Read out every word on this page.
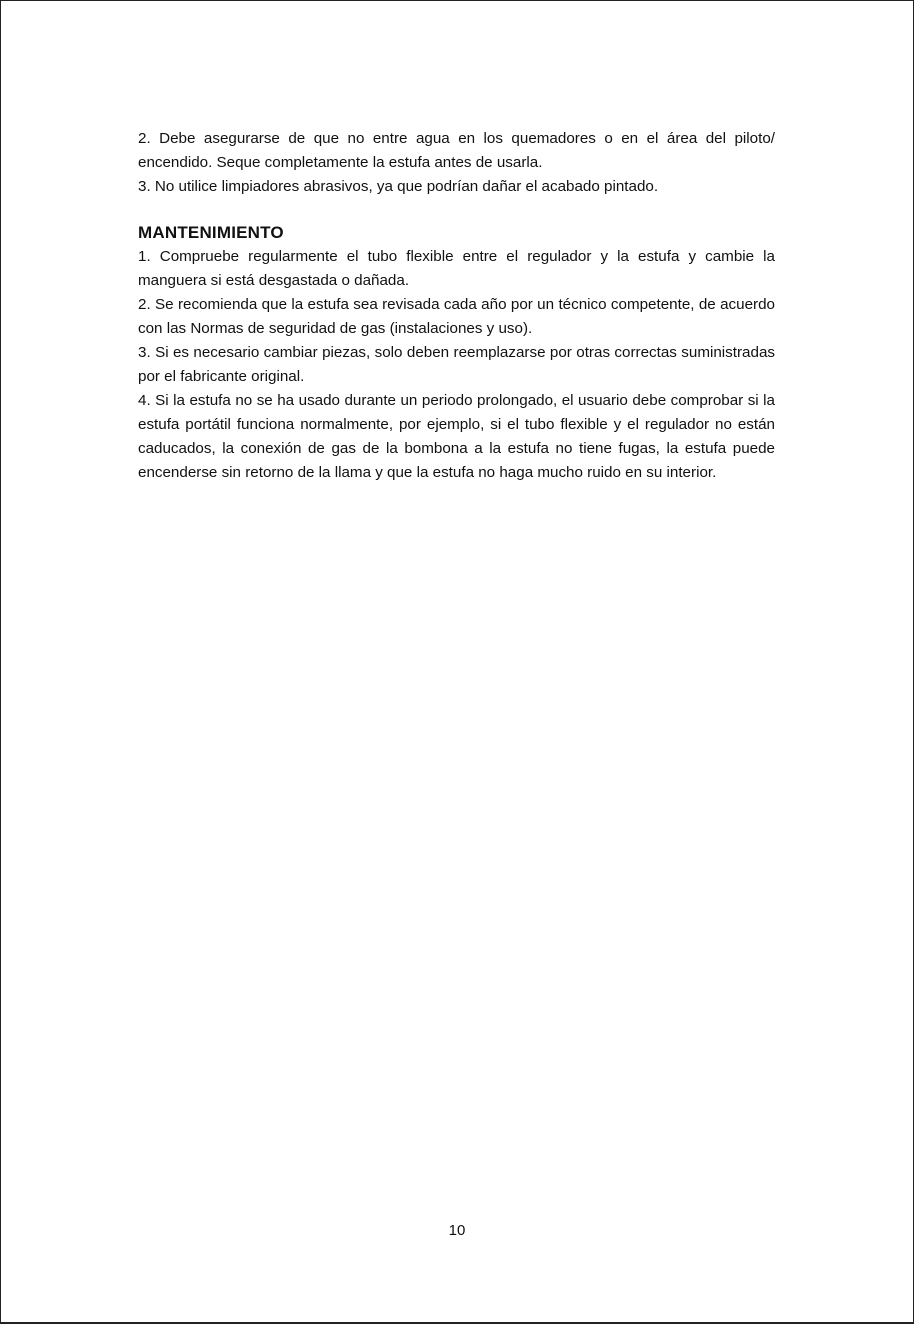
2. Debe asegurarse de que no entre agua en los quemadores o en el área del piloto/ encendido. Seque completamente la estufa antes de usarla.

3. No utilice limpiadores abrasivos, ya que podrían dañar el acabado pintado.

MANTENIMIENTO

1. Compruebe regularmente el tubo flexible entre el regulador y la estufa y cambie la manguera si está desgastada o dañada.

2. Se recomienda que la estufa sea revisada cada año por un técnico competente, de acuerdo con las Normas de seguridad de gas (instalaciones y uso).

3. Si es necesario cambiar piezas, solo deben reemplazarse por otras correctas suministradas por el fabricante original.

4. Si la estufa no se ha usado durante un periodo prolongado, el usuario debe comprobar si la estufa portátil funciona normalmente, por ejemplo, si el tubo flexible y el regulador no están caducados, la conexión de gas de la bombona a la estufa no tiene fugas, la estufa puede encenderse sin retorno de la llama y que la estufa no haga mucho ruido en su interior.

10
